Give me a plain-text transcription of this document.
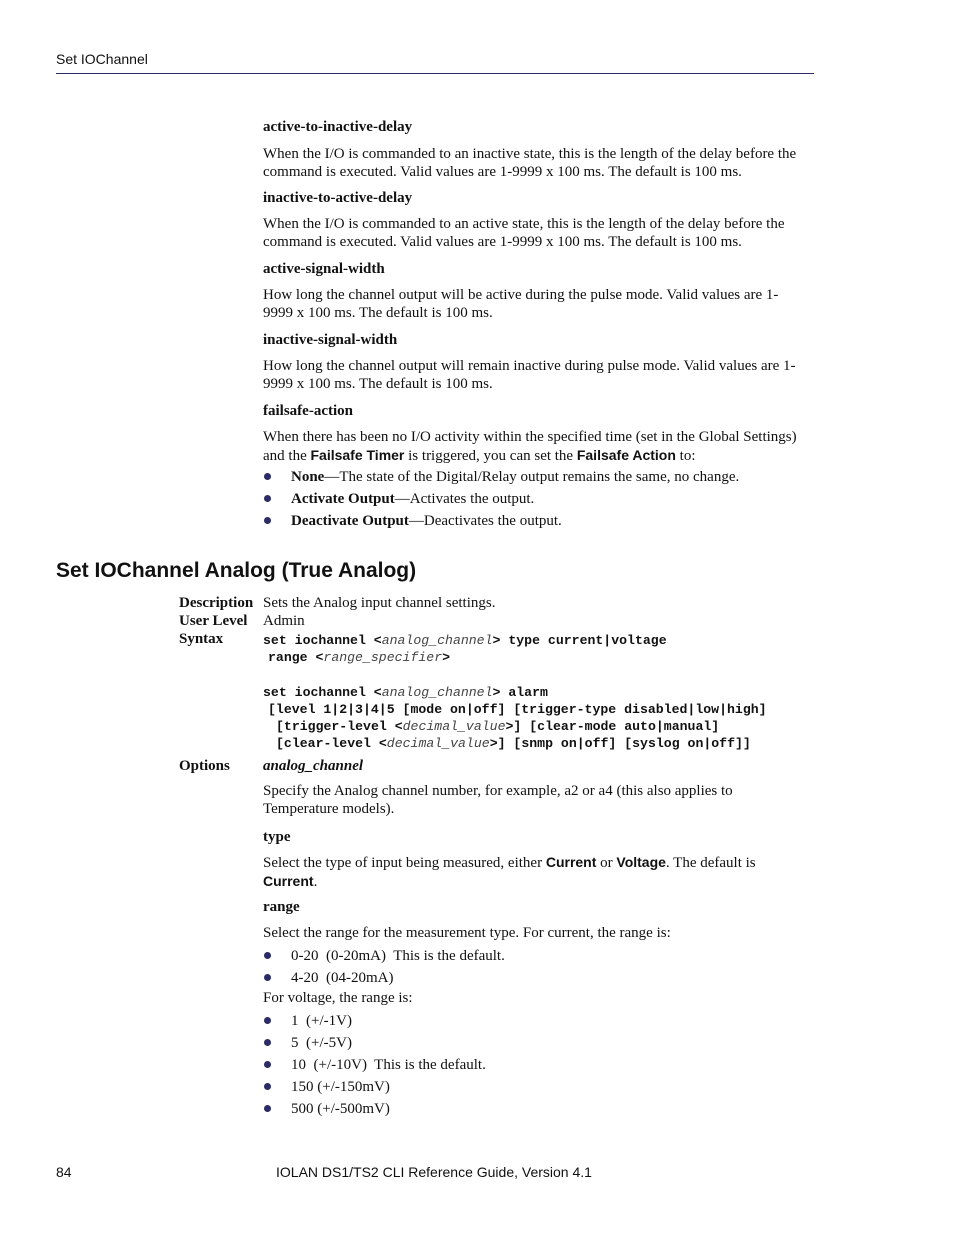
Set IOChannel
active-to-inactive-delay
When the I/O is commanded to an inactive state, this is the length of the delay before the command is executed. Valid values are 1-9999 x 100 ms. The default is 100 ms.
inactive-to-active-delay
When the I/O is commanded to an active state, this is the length of the delay before the command is executed. Valid values are 1-9999 x 100 ms. The default is 100 ms.
active-signal-width
How long the channel output will be active during the pulse mode. Valid values are 1-9999 x 100 ms. The default is 100 ms.
inactive-signal-width
How long the channel output will remain inactive during pulse mode. Valid values are 1-9999 x 100 ms. The default is 100 ms.
failsafe-action
When there has been no I/O activity within the specified time (set in the Global Settings) and the Failsafe Timer is triggered, you can set the Failsafe Action to:
None—The state of the Digital/Relay output remains the same, no change.
Activate Output—Activates the output.
Deactivate Output—Deactivates the output.
Set IOChannel Analog (True Analog)
Description Sets the Analog input channel settings.
User Level Admin
Syntax	set iochannel <analog_channel> type current|voltage
range <range_specifier>
set iochannel <analog_channel> alarm
[level 1|2|3|4|5 [mode on|off] [trigger-type disabled|low|high]
[trigger-level <decimal_value>] [clear-mode auto|manual]
[clear-level <decimal_value>] [snmp on|off] [syslog on|off]]
Options analog_channel
Specify the Analog channel number, for example, a2 or a4 (this also applies to Temperature models).
type
Select the type of input being measured, either Current or Voltage. The default is Current.
range
Select the range for the measurement type. For current, the range is:
0-20  (0-20mA)  This is the default.
4-20  (04-20mA)
For voltage, the range is:
1  (+/-1V)
5  (+/-5V)
10  (+/-10V)  This is the default.
150 (+/-150mV)
500 (+/-500mV)
84	IOLAN DS1/TS2 CLI Reference Guide, Version 4.1
